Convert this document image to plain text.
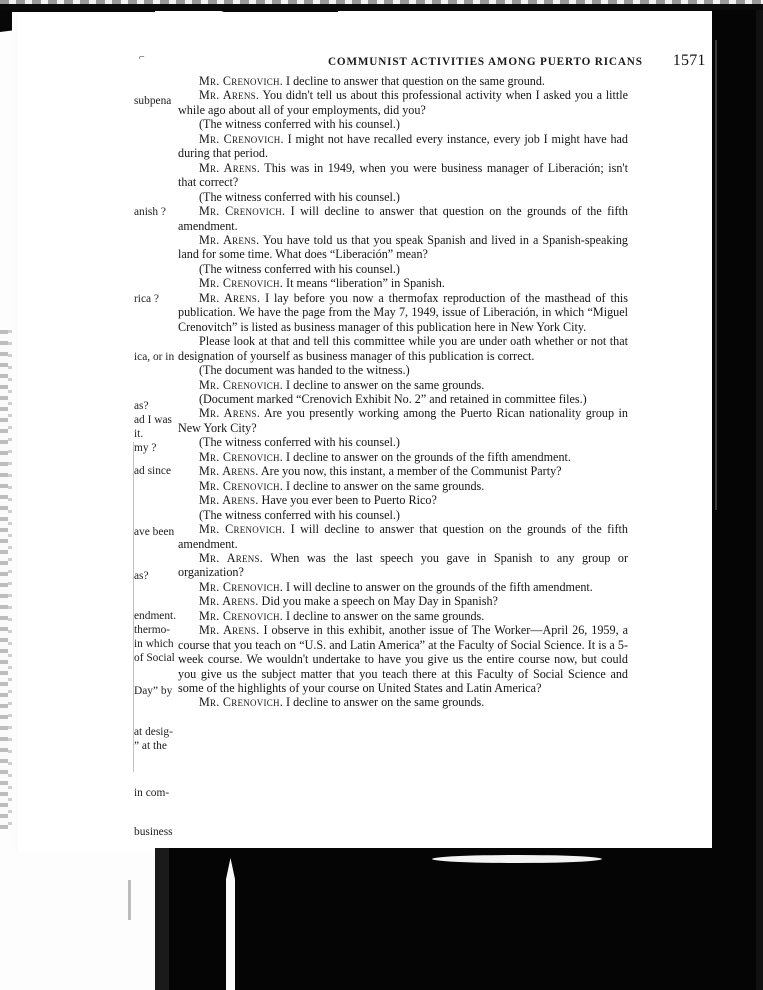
⌐	COMMUNIST ACTIVITIES AMONG PUERTO RICANS 1571
subpena
anish ?
rica ?
ica, or in
as?
ad I was
it.
my ?
ad since
ave been
as?
endment.
thermo-
in which
of Social
Day” by
at desig-
” at the
in com-
business

Mr. Crenovich. I decline to answer that question on the same ground.

Mr. Arens. You didn't tell us about this professional activity when I asked you a little while ago about all of your employments, did you?

(The witness conferred with his counsel.)

Mr. Crenovich. I might not have recalled every instance, every job I might have had during that period.

Mr. Arens. This was in 1949, when you were business manager of Liberación; isn't that correct?

(The witness conferred with his counsel.)

Mr. Crenovich. I will decline to answer that question on the grounds of the fifth amendment.

Mr. Arens. You have told us that you speak Spanish and lived in a Spanish-speaking land for some time. What does “Liberación” mean?

(The witness conferred with his counsel.)

Mr. Crenovich. It means “liberation” in Spanish.

Mr. Arens. I lay before you now a thermofax reproduction of the masthead of this publication. We have the page from the May 7, 1949, issue of Liberación, in which “Miguel Crenovitch” is listed as business manager of this publication here in New York City.

Please look at that and tell this committee while you are under oath whether or not that designation of yourself as business manager of this publication is correct.

(The document was handed to the witness.)

Mr. Crenovich. I decline to answer on the same grounds.

(Document marked “Crenovich Exhibit No. 2” and retained in committee files.)

Mr. Arens. Are you presently working among the Puerto Rican nationality group in New York City?

(The witness conferred with his counsel.)

Mr. Crenovich. I decline to answer on the grounds of the fifth amendment.

Mr. Arens. Are you now, this instant, a member of the Communist Party?

Mr. Crenovich. I decline to answer on the same grounds.

Mr. Arens. Have you ever been to Puerto Rico?

(The witness conferred with his counsel.)

Mr. Crenovich. I will decline to answer that question on the grounds of the fifth amendment.

Mr. Arens. When was the last speech you gave in Spanish to any group or organization?

Mr. Crenovich. I will decline to answer on the grounds of the fifth amendment.

Mr. Arens. Did you make a speech on May Day in Spanish?

Mr. Crenovich. I decline to answer on the same grounds.

Mr. Arens. I observe in this exhibit, another issue of The Worker—April 26, 1959, a course that you teach on “U.S. and Latin America” at the Faculty of Social Science. It is a 5-week course. We wouldn't undertake to have you give us the entire course now, but could you give us the subject matter that you teach there at this Faculty of Social Science and some of the highlights of your course on United States and Latin America?

Mr. Crenovich. I decline to answer on the same grounds.
